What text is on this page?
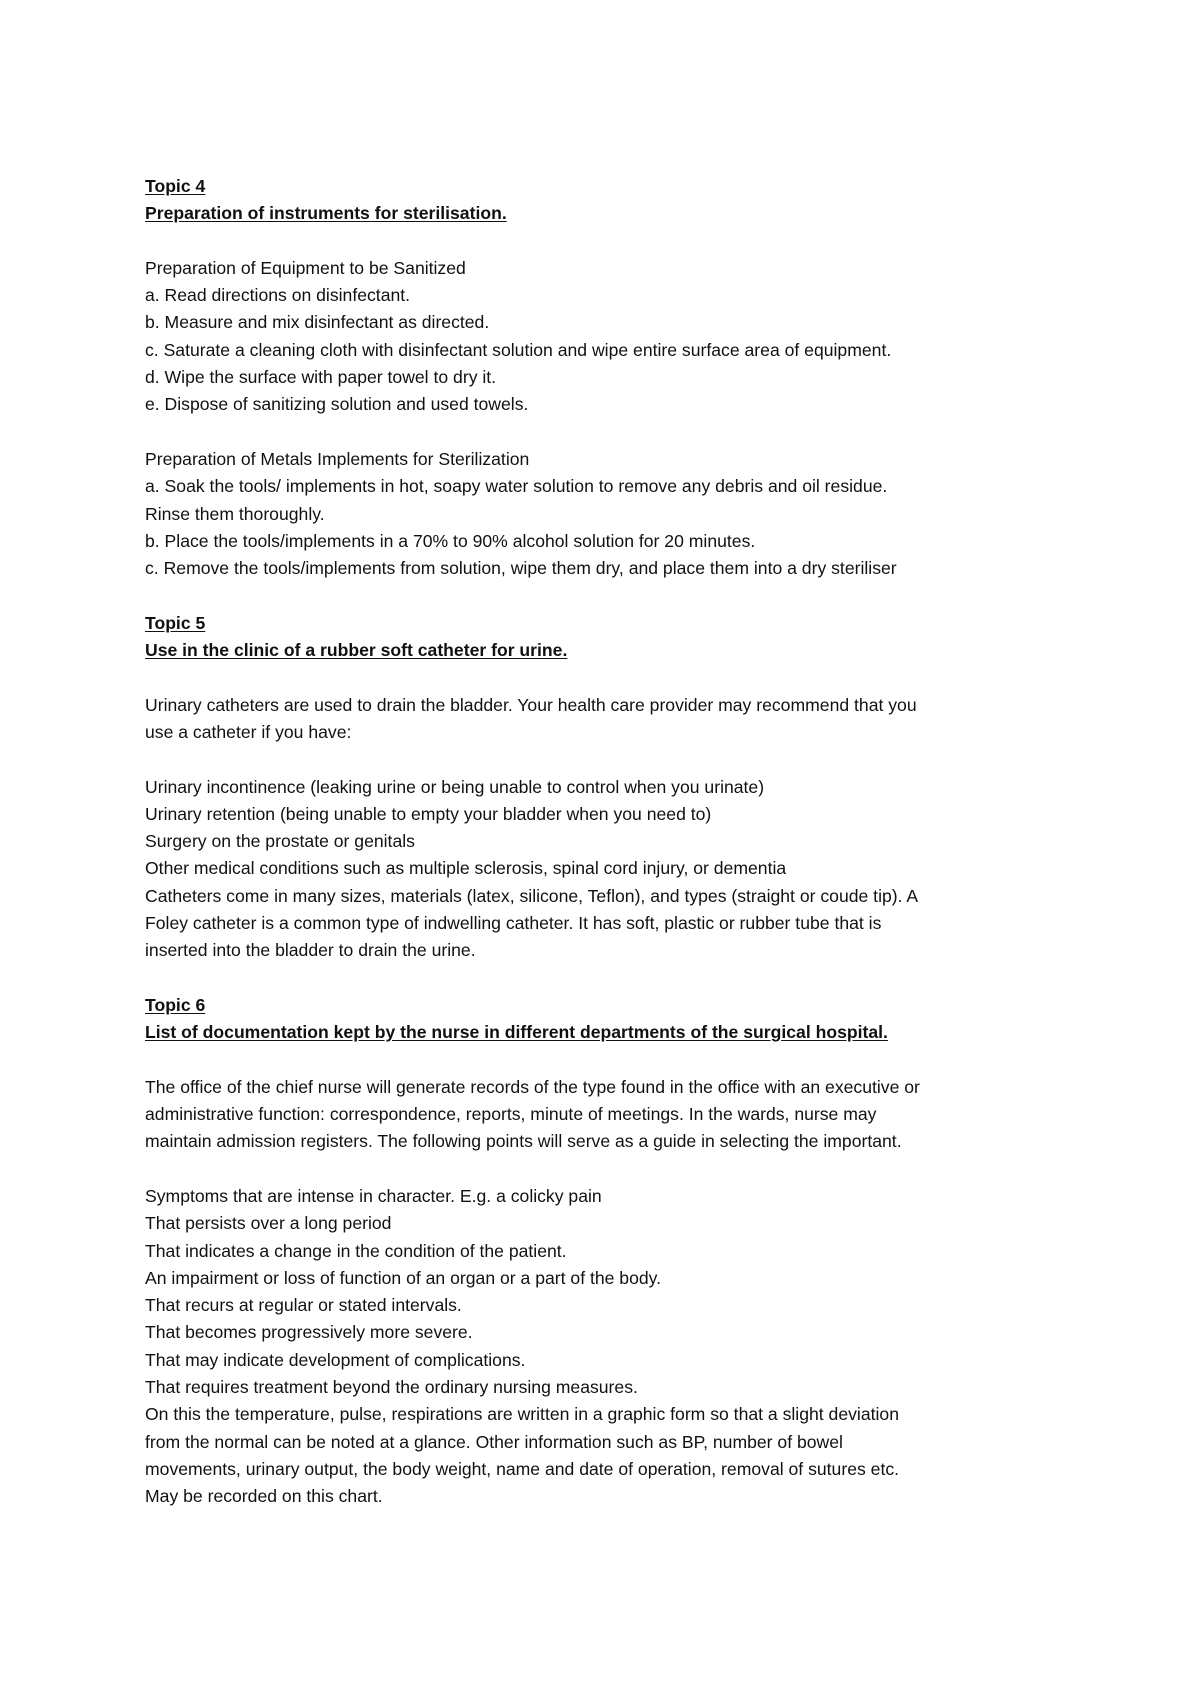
Topic 4
Preparation of instruments for sterilisation.
Preparation of Equipment to be Sanitized
a. Read directions on disinfectant.
b. Measure and mix disinfectant as directed.
c. Saturate a cleaning cloth with disinfectant solution and wipe entire surface area of equipment.
d. Wipe the surface with paper towel to dry it.
e. Dispose of sanitizing solution and used towels.
Preparation of Metals Implements for Sterilization
a. Soak the tools/ implements in hot, soapy water solution to remove any debris and oil residue.
Rinse them thoroughly.
b. Place the tools/implements in a 70% to 90% alcohol solution for 20 minutes.
c. Remove the tools/implements from solution, wipe them dry, and place them into a dry steriliser
Topic 5
Use in the clinic of a rubber soft catheter for urine.
Urinary catheters are used to drain the bladder. Your health care provider may recommend that you
use a catheter if you have:
Urinary incontinence (leaking urine or being unable to control when you urinate)
Urinary retention (being unable to empty your bladder when you need to)
Surgery on the prostate or genitals
Other medical conditions such as multiple sclerosis, spinal cord injury, or dementia
Catheters come in many sizes, materials (latex, silicone, Teflon), and types (straight or coude tip). A
Foley catheter is a common type of indwelling catheter. It has soft, plastic or rubber tube that is
inserted into the bladder to drain the urine.
Topic 6
List of documentation kept by the nurse in different departments of the surgical hospital.
The office of the chief nurse will generate records of the type found in the office with an executive or
administrative function: correspondence, reports, minute of meetings. In the wards, nurse may
maintain admission registers. The following points will serve as a guide in selecting the important.
Symptoms that are intense in character. E.g. a colicky pain
That persists over a long period
That indicates a change in the condition of the patient.
An impairment or loss of function of an organ or a part of the body.
That recurs at regular or stated intervals.
That becomes progressively more severe.
That may indicate development of complications.
That requires treatment beyond the ordinary nursing measures.
On this the temperature, pulse, respirations are written in a graphic form so that a slight deviation
from the normal can be noted at a glance. Other information such as BP, number of bowel
movements, urinary output, the body weight, name and date of operation, removal of sutures etc.
May be recorded on this chart.
